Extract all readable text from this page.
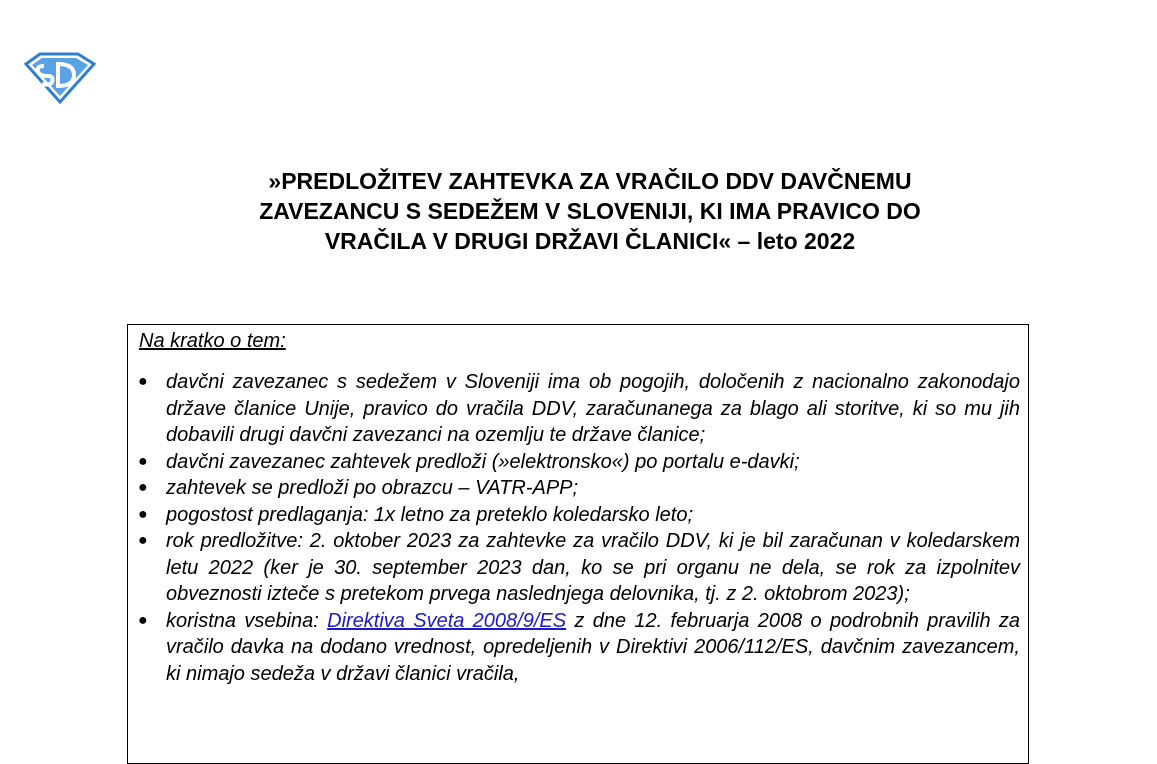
»PREDLOŽITEV ZAHTEVKA ZA VRAČILO DDV DAVČNEMU
ZAVEZANCU S SEDEŽEM V SLOVENIJI, KI IMA PRAVICO DO
VRAČILA V DRUGI DRŽAVI ČLANICI« – leto 2022
Na kratko o tem:
● davčni zavezanec s sedežem v Sloveniji ima ob pogojih, določenih z nacionalno zakonodajo države članice Unije, pravico do vračila DDV, zaračunanega za blago ali storitve, ki so mu jih dobavili drugi davčni zavezanci na ozemlju te države članice;
● davčni zavezanec zahtevek predloži (»elektronsko«) po portalu e-davki;
● zahtevek se predloži po obrazcu – VATR-APP;
● pogostost predlaganja: 1x letno za preteklo koledarsko leto;
● rok predložitve: 2. oktober 2023 za zahtevke za vračilo DDV, ki je bil zaračunan v koledarskem letu 2022 (ker je 30. september 2023 dan, ko se pri organu ne dela, se rok za izpolnitev obveznosti izteče s pretekom prvega naslednjega delovnika, tj. z 2. oktobrom 2023);
● koristna vsebina: Direktiva Sveta 2008/9/ES z dne 12. februarja 2008 o podrobnih pravilih za vračilo davka na dodano vrednost, opredeljenih v Direktivi 2006/112/ES, davčnim zavezancem, ki nimajo sedeža v državi članici vračila,
